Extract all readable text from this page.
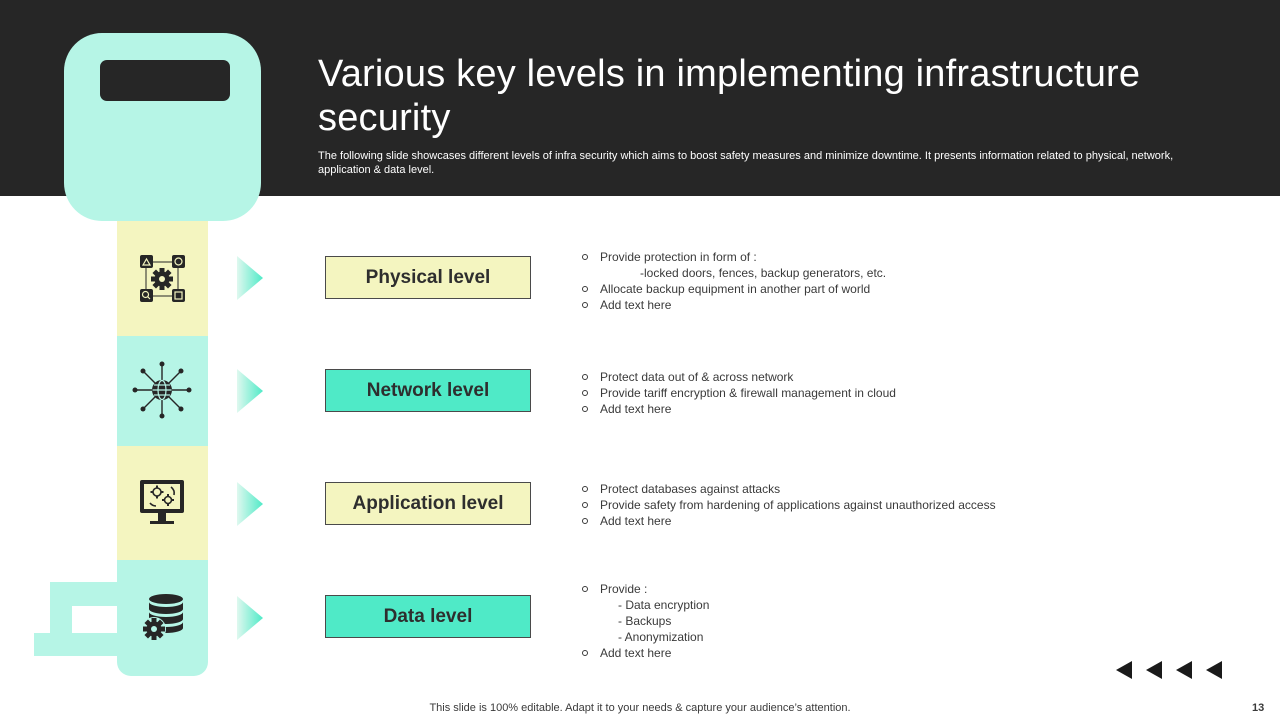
Various key levels in implementing infrastructure security
The following slide showcases different levels of infra security which aims to boost safety measures and minimize downtime. It presents information related to physical, network, application & data level.
Physical level
Network level
Application level
Data level
Provide protection in form of :
-locked doors, fences, backup generators, etc.
Allocate backup equipment in another part of world
Add text here
Protect data out of & across network
Provide tariff encryption & firewall management in cloud
Add text here
Protect databases against attacks
Provide safety from hardening of applications against unauthorized access
Add text here
Provide :
- Data encryption
- Backups
- Anonymization
Add text here
This slide is 100% editable. Adapt it to your needs & capture your audience’s attention.	13
